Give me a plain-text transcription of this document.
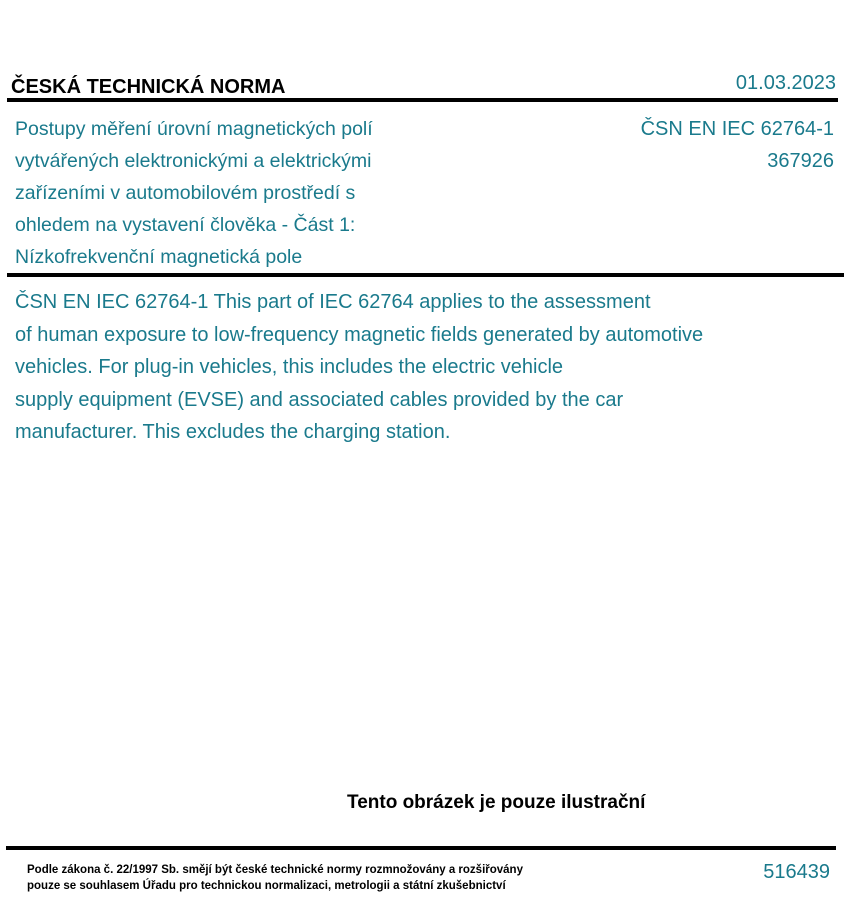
ČESKÁ TECHNICKÁ NORMA	01.03.2023
Postupy měření úrovní magnetických polí
vytvářených elektronickými a elektrickými
zařízeními v automobilovém prostředí s
ohledem na vystavení člověka - Část 1:
Nízkofrekvenční magnetická pole
ČSN EN IEC 62764-1
367926
ČSN EN IEC 62764-1 This part of IEC 62764 applies to the assessment
of human exposure to low-frequency magnetic fields generated by automotive
vehicles. For plug-in vehicles, this includes the electric vehicle
supply equipment (EVSE) and associated cables provided by the car
manufacturer. This excludes the charging station.
Tento obrázek je pouze ilustrační
Podle zákona č. 22/1997 Sb. smějí být české technické normy rozmnožovány a rozšiřovány
pouze se souhlasem Úřadu pro technickou normalizaci, metrologii a státní zkušebnictví
516439
